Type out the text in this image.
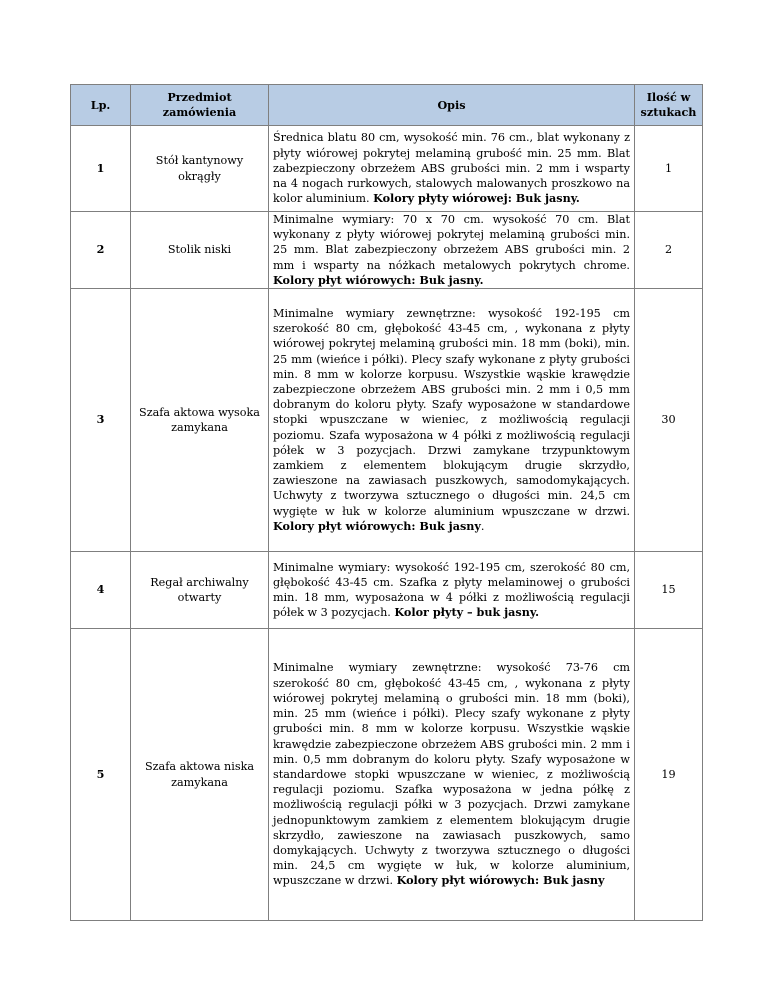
Lp.	Przedmiot zamówienia	Opis	Ilość w sztukach
1	Stół kantynowy okrągły	Średnica blatu 80 cm, wysokość min. 76 cm., blat wykonany z płyty wiórowej pokrytej melaminą grubość min. 25 mm. Blat zabezpieczony obrzeżem ABS grubości min. 2 mm i wsparty na 4 nogach rurkowych, stalowych malowanych proszkowo na kolor aluminium. Kolory płyty wiórowej: Buk jasny.	1
2	Stolik niski	Minimalne wymiary: 70 x 70 cm. wysokość 70 cm. Blat wykonany z płyty wiórowej pokrytej melaminą grubości min. 25 mm. Blat zabezpieczony obrzeżem ABS grubości min. 2 mm i wsparty na nóżkach metalowych pokrytych chrome. Kolory płyt wiórowych: Buk jasny.	2
3	Szafa aktowa wysoka zamykana	Minimalne wymiary zewnętrzne: wysokość 192-195 cm szerokość 80 cm, głębokość 43-45 cm, , wykonana z płyty wiórowej pokrytej melaminą grubości min. 18 mm (boki), min. 25 mm (wieńce i półki). Plecy szafy wykonane z płyty grubości min. 8 mm w kolorze korpusu. Wszystkie wąskie krawędzie zabezpieczone obrzeżem ABS grubości min. 2 mm i 0,5 mm dobranym do koloru płyty. Szafy wyposażone w standardowe stopki wpuszczane w wieniec, z możliwością regulacji poziomu. Szafa wyposażona w 4 półki z możliwością regulacji półek w 3 pozycjach. Drzwi zamykane trzypunktowym zamkiem z elementem blokującym drugie skrzydło, zawieszone na zawiasach puszkowych, samodomykających. Uchwyty z tworzywa sztucznego o długości min. 24,5 cm wygięte w łuk w kolorze aluminium wpuszczane w drzwi. Kolory płyt wiórowych: Buk jasny.	30
4	Regał archiwalny otwarty	Minimalne wymiary: wysokość 192-195 cm, szerokość 80 cm, głębokość 43-45 cm. Szafka z płyty melaminowej o grubości min. 18 mm, wyposażona w 4 półki z możliwością regulacji półek w 3 pozycjach. Kolor płyty – buk jasny.	15
5	Szafa aktowa niska zamykana	Minimalne wymiary zewnętrzne: wysokość 73-76 cm szerokość 80 cm, głębokość 43-45 cm, , wykonana z płyty wiórowej pokrytej melaminą o grubości min. 18 mm (boki), min. 25 mm (wieńce i półki). Plecy szafy wykonane z płyty grubości min. 8 mm w kolorze korpusu. Wszystkie wąskie krawędzie zabezpieczone obrzeżem ABS grubości min. 2 mm i min. 0,5 mm dobranym do koloru płyty. Szafy wyposażone w standardowe stopki wpuszczane w wieniec, z możliwością regulacji poziomu. Szafka wyposażona w jedna półkę z możliwością regulacji półki w 3 pozycjach. Drzwi zamykane jednopunktowym zamkiem z elementem blokującym drugie skrzydło, zawieszone na zawiasach puszkowych, samo domykających. Uchwyty z tworzywa sztucznego o długości min. 24,5 cm wygięte w łuk, w kolorze aluminium, wpuszczane w drzwi. Kolory płyt wiórowych: Buk jasny	19
